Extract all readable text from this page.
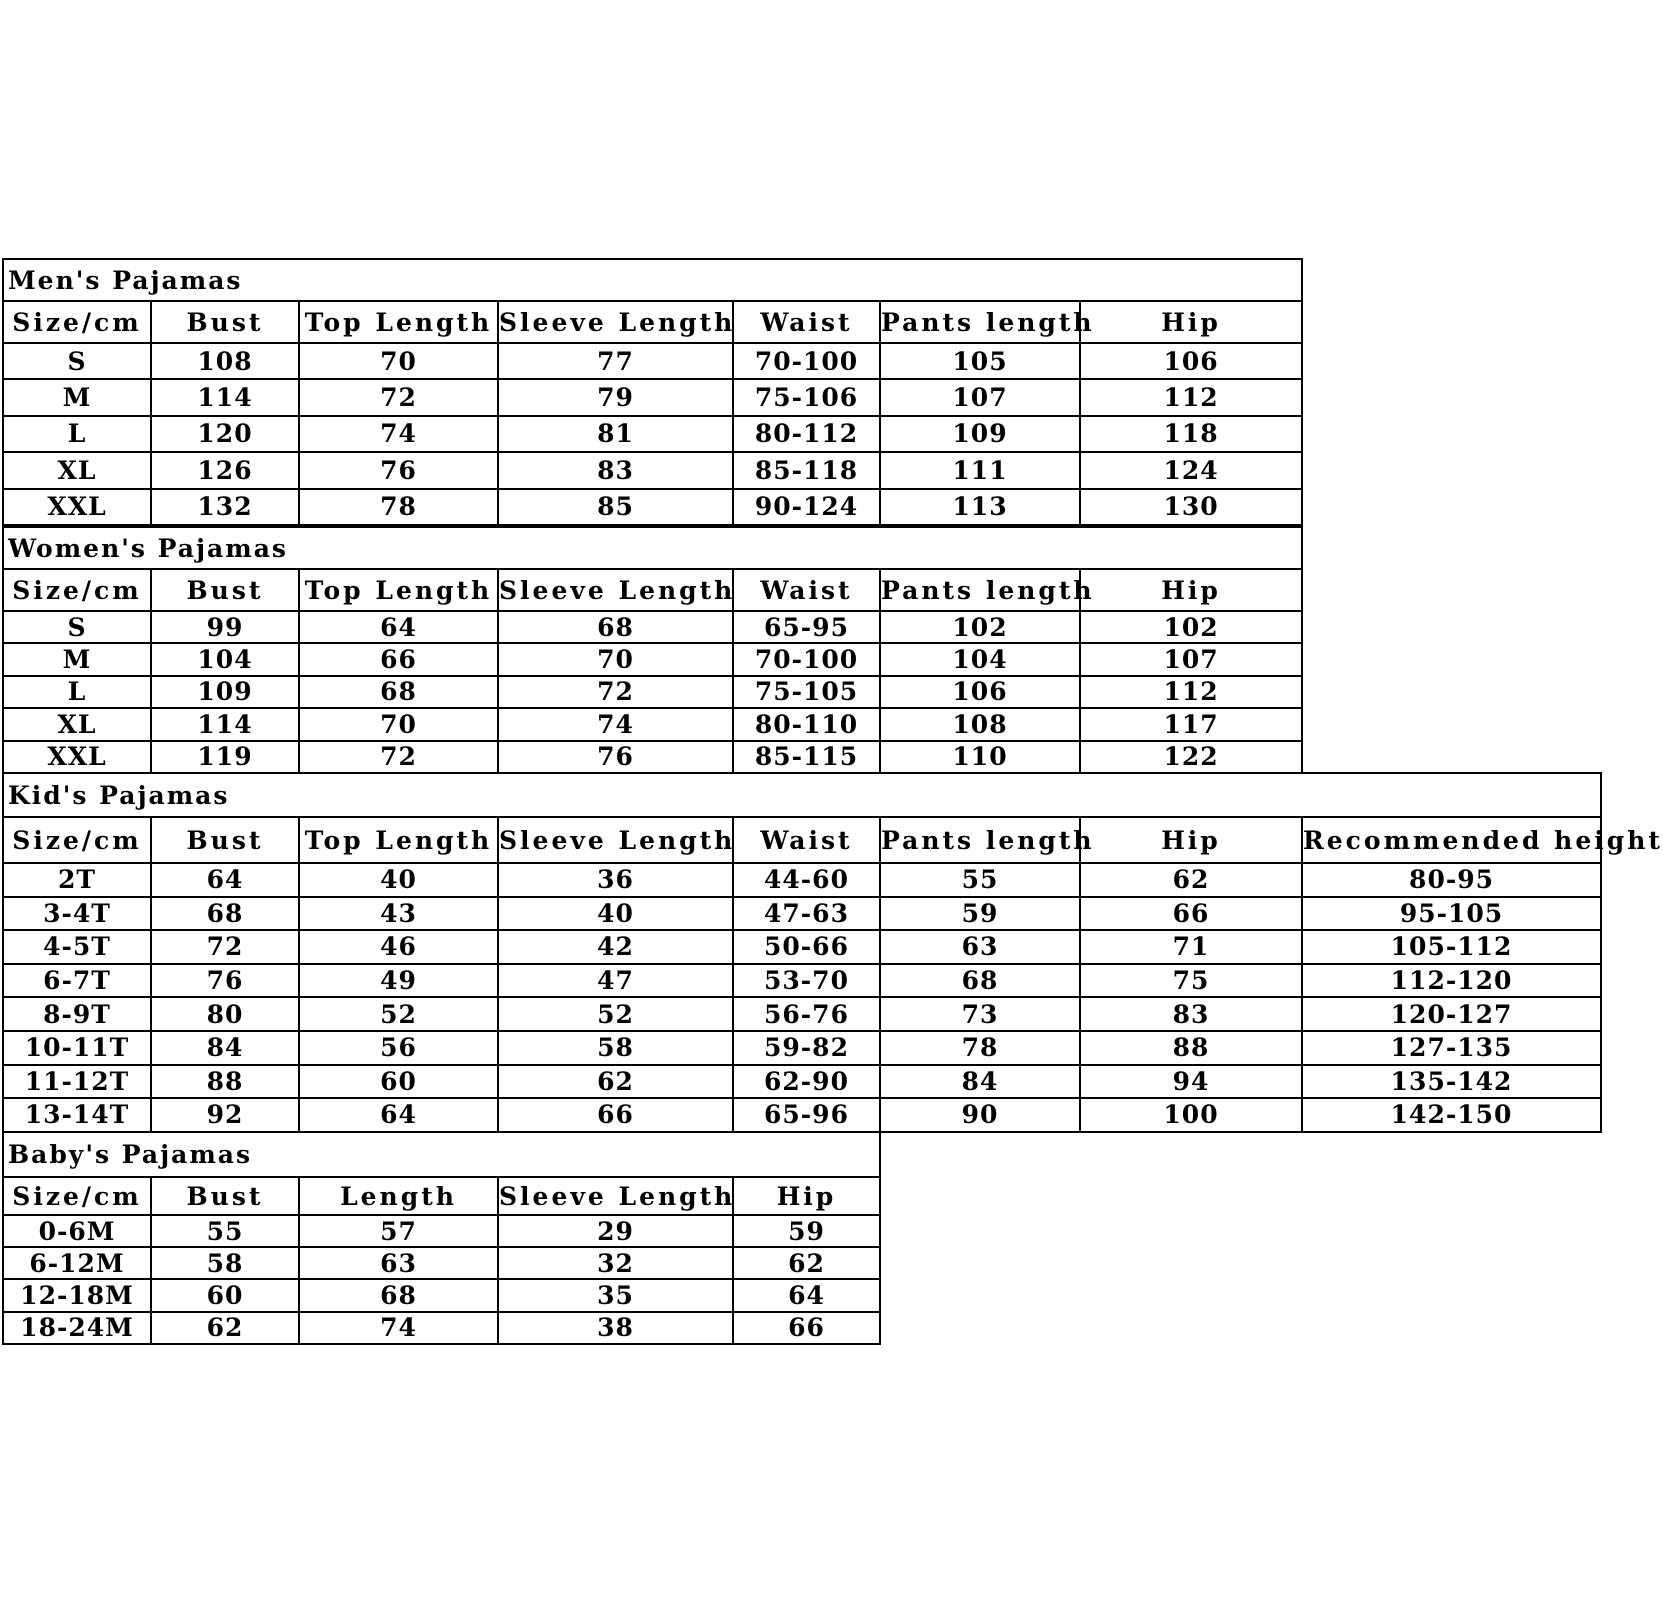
Men's Pajamas						
Size/cm	Bust	Top Length	Sleeve Length	Waist	Pants length	Hip
S	108	70	77	70-100	105	106
M	114	72	79	75-106	107	112
L	120	74	81	80-112	109	118
XL	126	76	83	85-118	111	124
XXL	132	78	85	90-124	113	130
Women's Pajamas						
Size/cm	Bust	Top Length	Sleeve Length	Waist	Pants length	Hip
S	99	64	68	65-95	102	102
M	104	66	70	70-100	104	107
L	109	68	72	75-105	106	112
XL	114	70	74	80-110	108	117
XXL	119	72	76	85-115	110	122
Kid's Pajamas							
Size/cm	Bust	Top Length	Sleeve Length	Waist	Pants length	Hip	Recommended height
2T	64	40	36	44-60	55	62	80-95
3-4T	68	43	40	47-63	59	66	95-105
4-5T	72	46	42	50-66	63	71	105-112
6-7T	76	49	47	53-70	68	75	112-120
8-9T	80	52	52	56-76	73	83	120-127
10-11T	84	56	58	59-82	78	88	127-135
11-12T	88	60	62	62-90	84	94	135-142
13-14T	92	64	66	65-96	90	100	142-150
Baby's Pajamas				
Size/cm	Bust	Length	Sleeve Length	Hip
0-6M	55	57	29	59
6-12M	58	63	32	62
12-18M	60	68	35	64
18-24M	62	74	38	66
